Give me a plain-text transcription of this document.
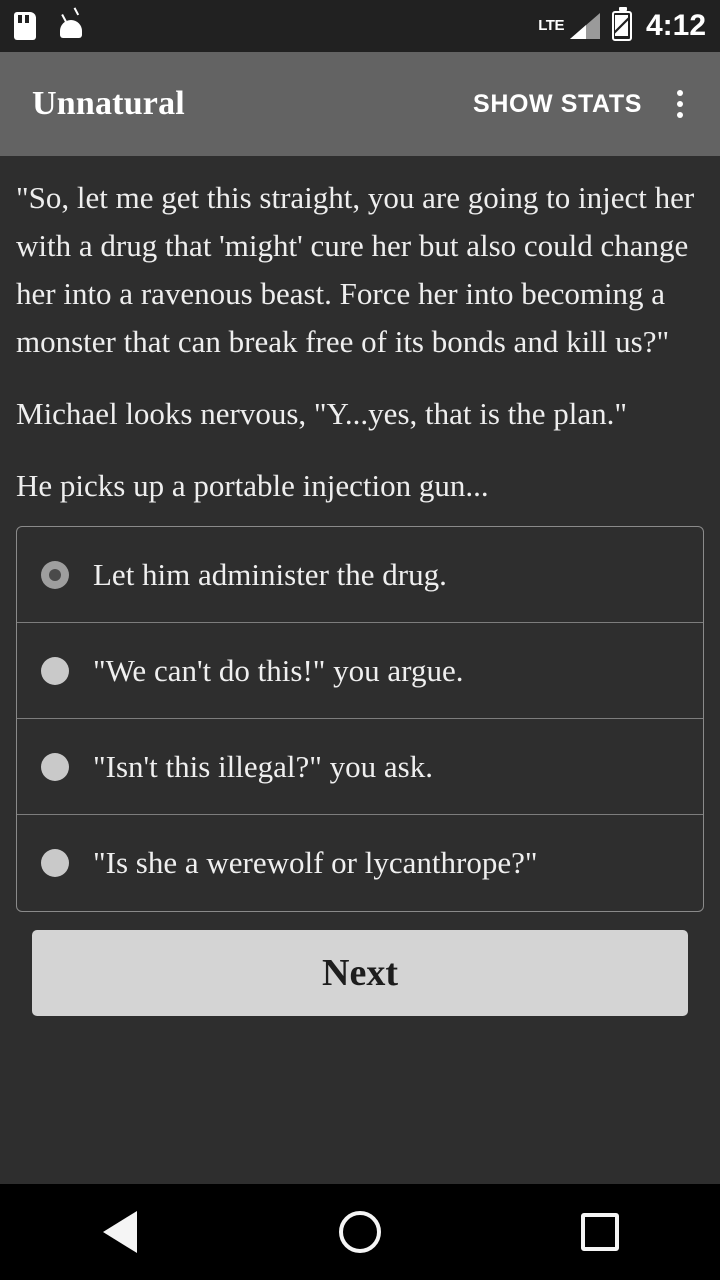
LTE	4:12
Unnatural	SHOW STATS

"So, let me get this straight, you are going to inject her with a drug that 'might' cure her but also could change her into a ravenous beast. Force her into becoming a monster that can break free of its bonds and kill us?"

Michael looks nervous, "Y...yes, that is the plan."

He picks up a portable injection gun...

Let him administer the drug.
"We can't do this!" you argue.
"Isn't this illegal?" you ask.
"Is she a werewolf or lycanthrope?"
Next
